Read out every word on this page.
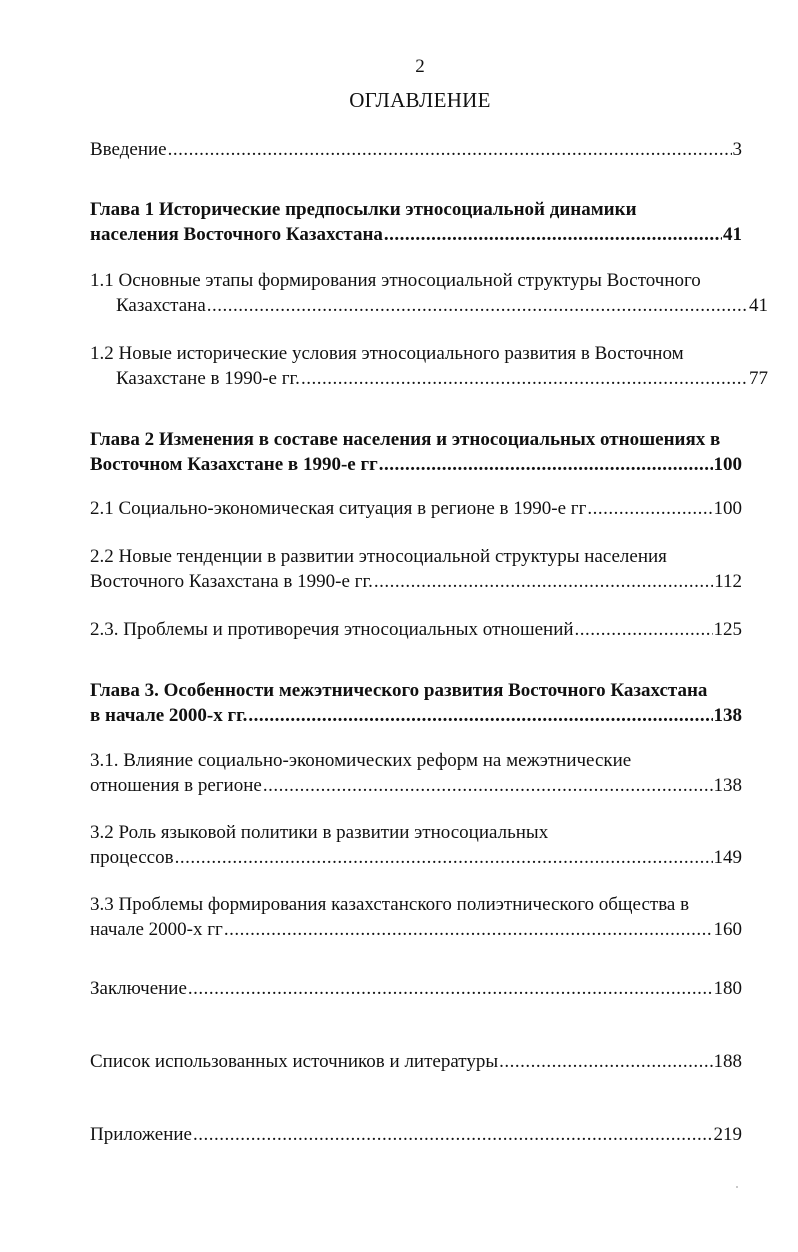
2
ОГЛАВЛЕНИЕ
Введение .....	3
Глава 1 Исторические предпосылки этносоциальной динамики
населения Восточного Казахстана .....	41
1.1 Основные этапы формирования этносоциальной структуры Восточного
Казахстана .....	41
1.2 Новые исторические условия этносоциального развития в Восточном
Казахстане в 1990-е гг. .....	77
Глава 2 Изменения в составе населения и этносоциальных отношениях в
Восточном Казахстане в 1990-е гг .....	100
2.1 Социально-экономическая ситуация в регионе в 1990-е гг .....	100
2.2 Новые тенденции в развитии этносоциальной структуры населения
Восточного Казахстана в 1990-е гг. .....	112
2.3. Проблемы и противоречия этносоциальных отношений .....	125
Глава 3. Особенности межэтнического развития Восточного Казахстана
в начале 2000-х гг. .....	138
3.1. Влияние социально-экономических реформ на межэтнические
отношения в регионе .....	138
3.2 Роль языковой политики в развитии этносоциальных
процессов .....	149
3.3 Проблемы формирования казахстанского полиэтнического общества в
начале 2000-х гг .....	160
Заключение .....	180
Список использованных источников и литературы .....	188
Приложение .....	219
